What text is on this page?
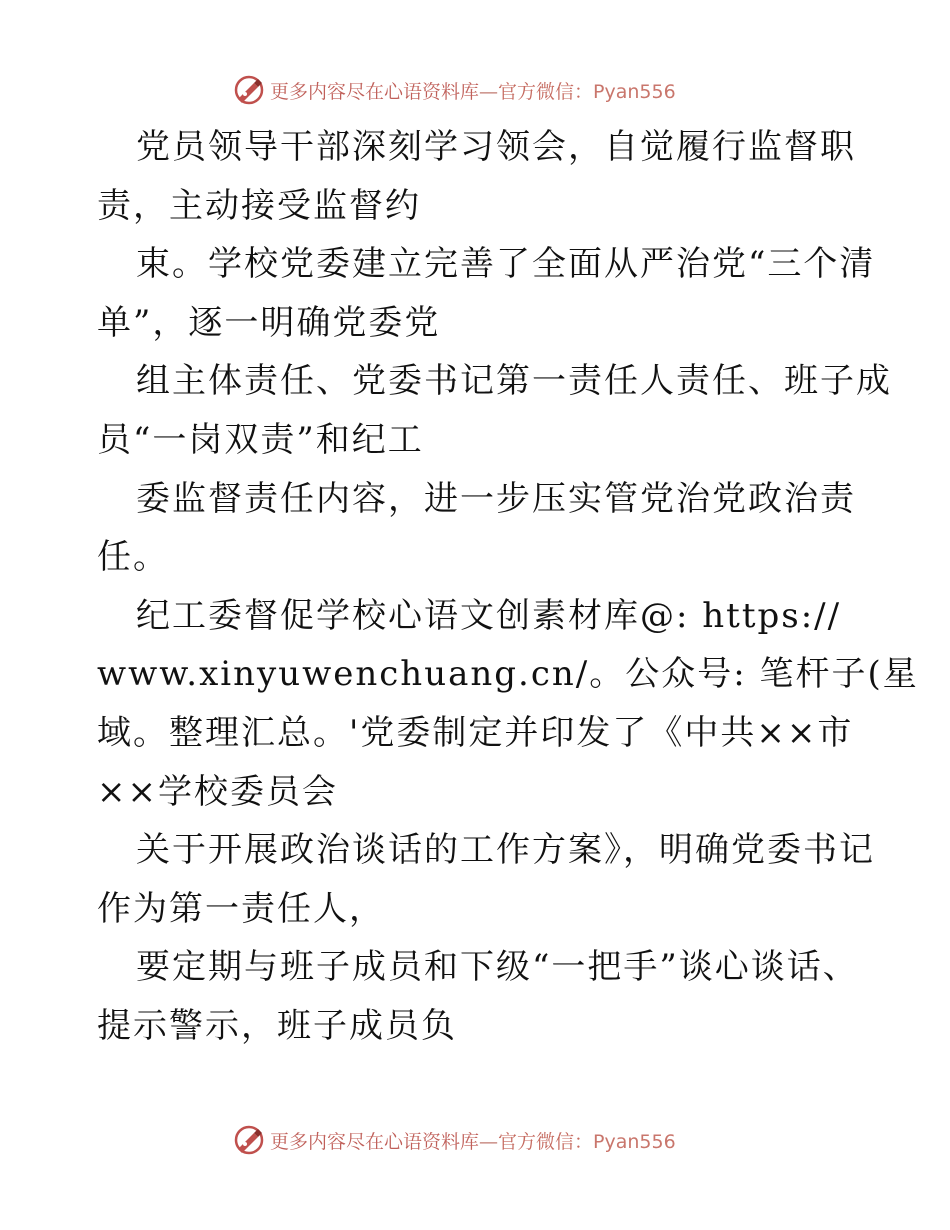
更多内容尽在心语资料库—官方微信：Pyan556
党员领导干部深刻学习领会，自觉履行监督职
责，主动接受监督约
束。学校党委建立完善了全面从严治党“三个清
单”，逐一明确党委党
组主体责任、党委书记第一责任人责任、班子成
员“一岗双责”和纪工
委监督责任内容，进一步压实管党治党政治责
任。
纪工委督促学校心语文创素材库@: https://
www.xinyuwenchuang.cn/。公众号: 笔杆子(星
域。整理汇总。'党委制定并印发了《中共××市
××学校委员会
关于开展政治谈话的工作方案》，明确党委书记
作为第一责任人，
要定期与班子成员和下级“一把手”谈心谈话、
提示警示，班子成员负
更多内容尽在心语资料库—官方微信：Pyan556
